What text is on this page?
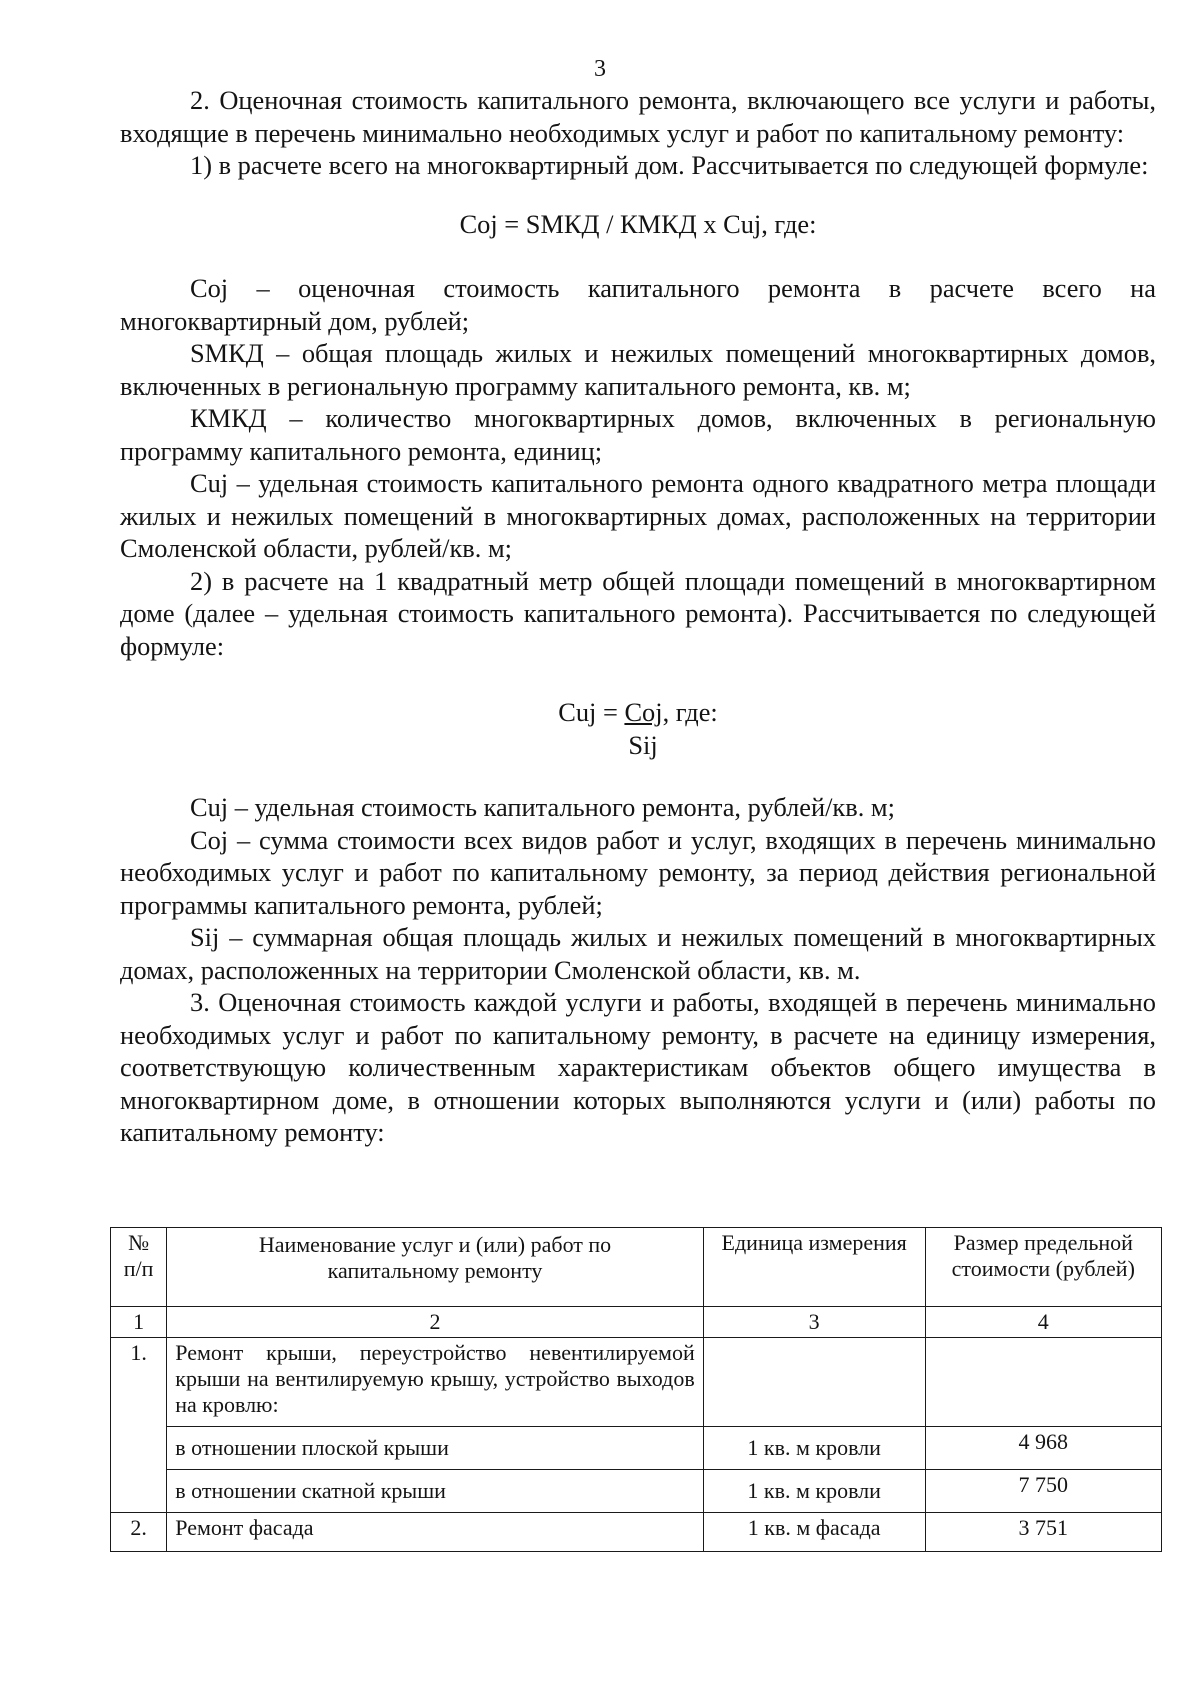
3

2. Оценочная стоимость капитального ремонта, включающего все услуги и работы, входящие в перечень минимально необходимых услуг и работ по капитальному ремонту:

1) в расчете всего на многоквартирный дом. Рассчитывается по следующей формуле:

Coj = SМКД / КМКД х Cuj, где:

Coj – оценочная стоимость капитального ремонта в расчете всего на многоквартирный дом, рублей;

SМКД – общая площадь жилых и нежилых помещений многоквартирных домов, включенных в региональную программу капитального ремонта, кв. м;

КМКД – количество многоквартирных домов, включенных в региональную программу капитального ремонта, единиц;

Cuj – удельная стоимость капитального ремонта одного квадратного метра площади жилых и нежилых помещений в многоквартирных домах, расположенных на территории Смоленской области, рублей/кв. м;

2) в расчете на 1 квадратный метр общей площади помещений в многоквартирном доме (далее – удельная стоимость капитального ремонта). Рассчитывается по следующей формуле:

Cuj = Coj, где:
Sij

Cuj – удельная стоимость капитального ремонта, рублей/кв. м;

Coj – сумма стоимости всех видов работ и услуг, входящих в перечень минимально необходимых услуг и работ по капитальному ремонту, за период действия региональной программы капитального ремонта, рублей;

Sij – суммарная общая площадь жилых и нежилых помещений в многоквартирных домах, расположенных на территории Смоленской области, кв. м.

3. Оценочная стоимость каждой услуги и работы, входящей в перечень минимально необходимых услуг и работ по капитальному ремонту, в расчете на единицу измерения, соответствующую количественным характеристикам объектов общего имущества в многоквартирном доме, в отношении которых выполняются услуги и (или) работы по капитальному ремонту:

№ п/п	Наименование услуг и (или) работ по капитальному ремонту	Единица измерения	Размер предельной стоимости (рублей)
1	2	3	4
1.	Ремонт крыши, переустройство невентилируемой крыши на вентилируемую крышу, устройство выходов на кровлю:		
	в отношении плоской крыши	1 кв. м кровли	4 968
	в отношении скатной крыши	1 кв. м кровли	7 750
2.	Ремонт фасада	1 кв. м фасада	3 751
